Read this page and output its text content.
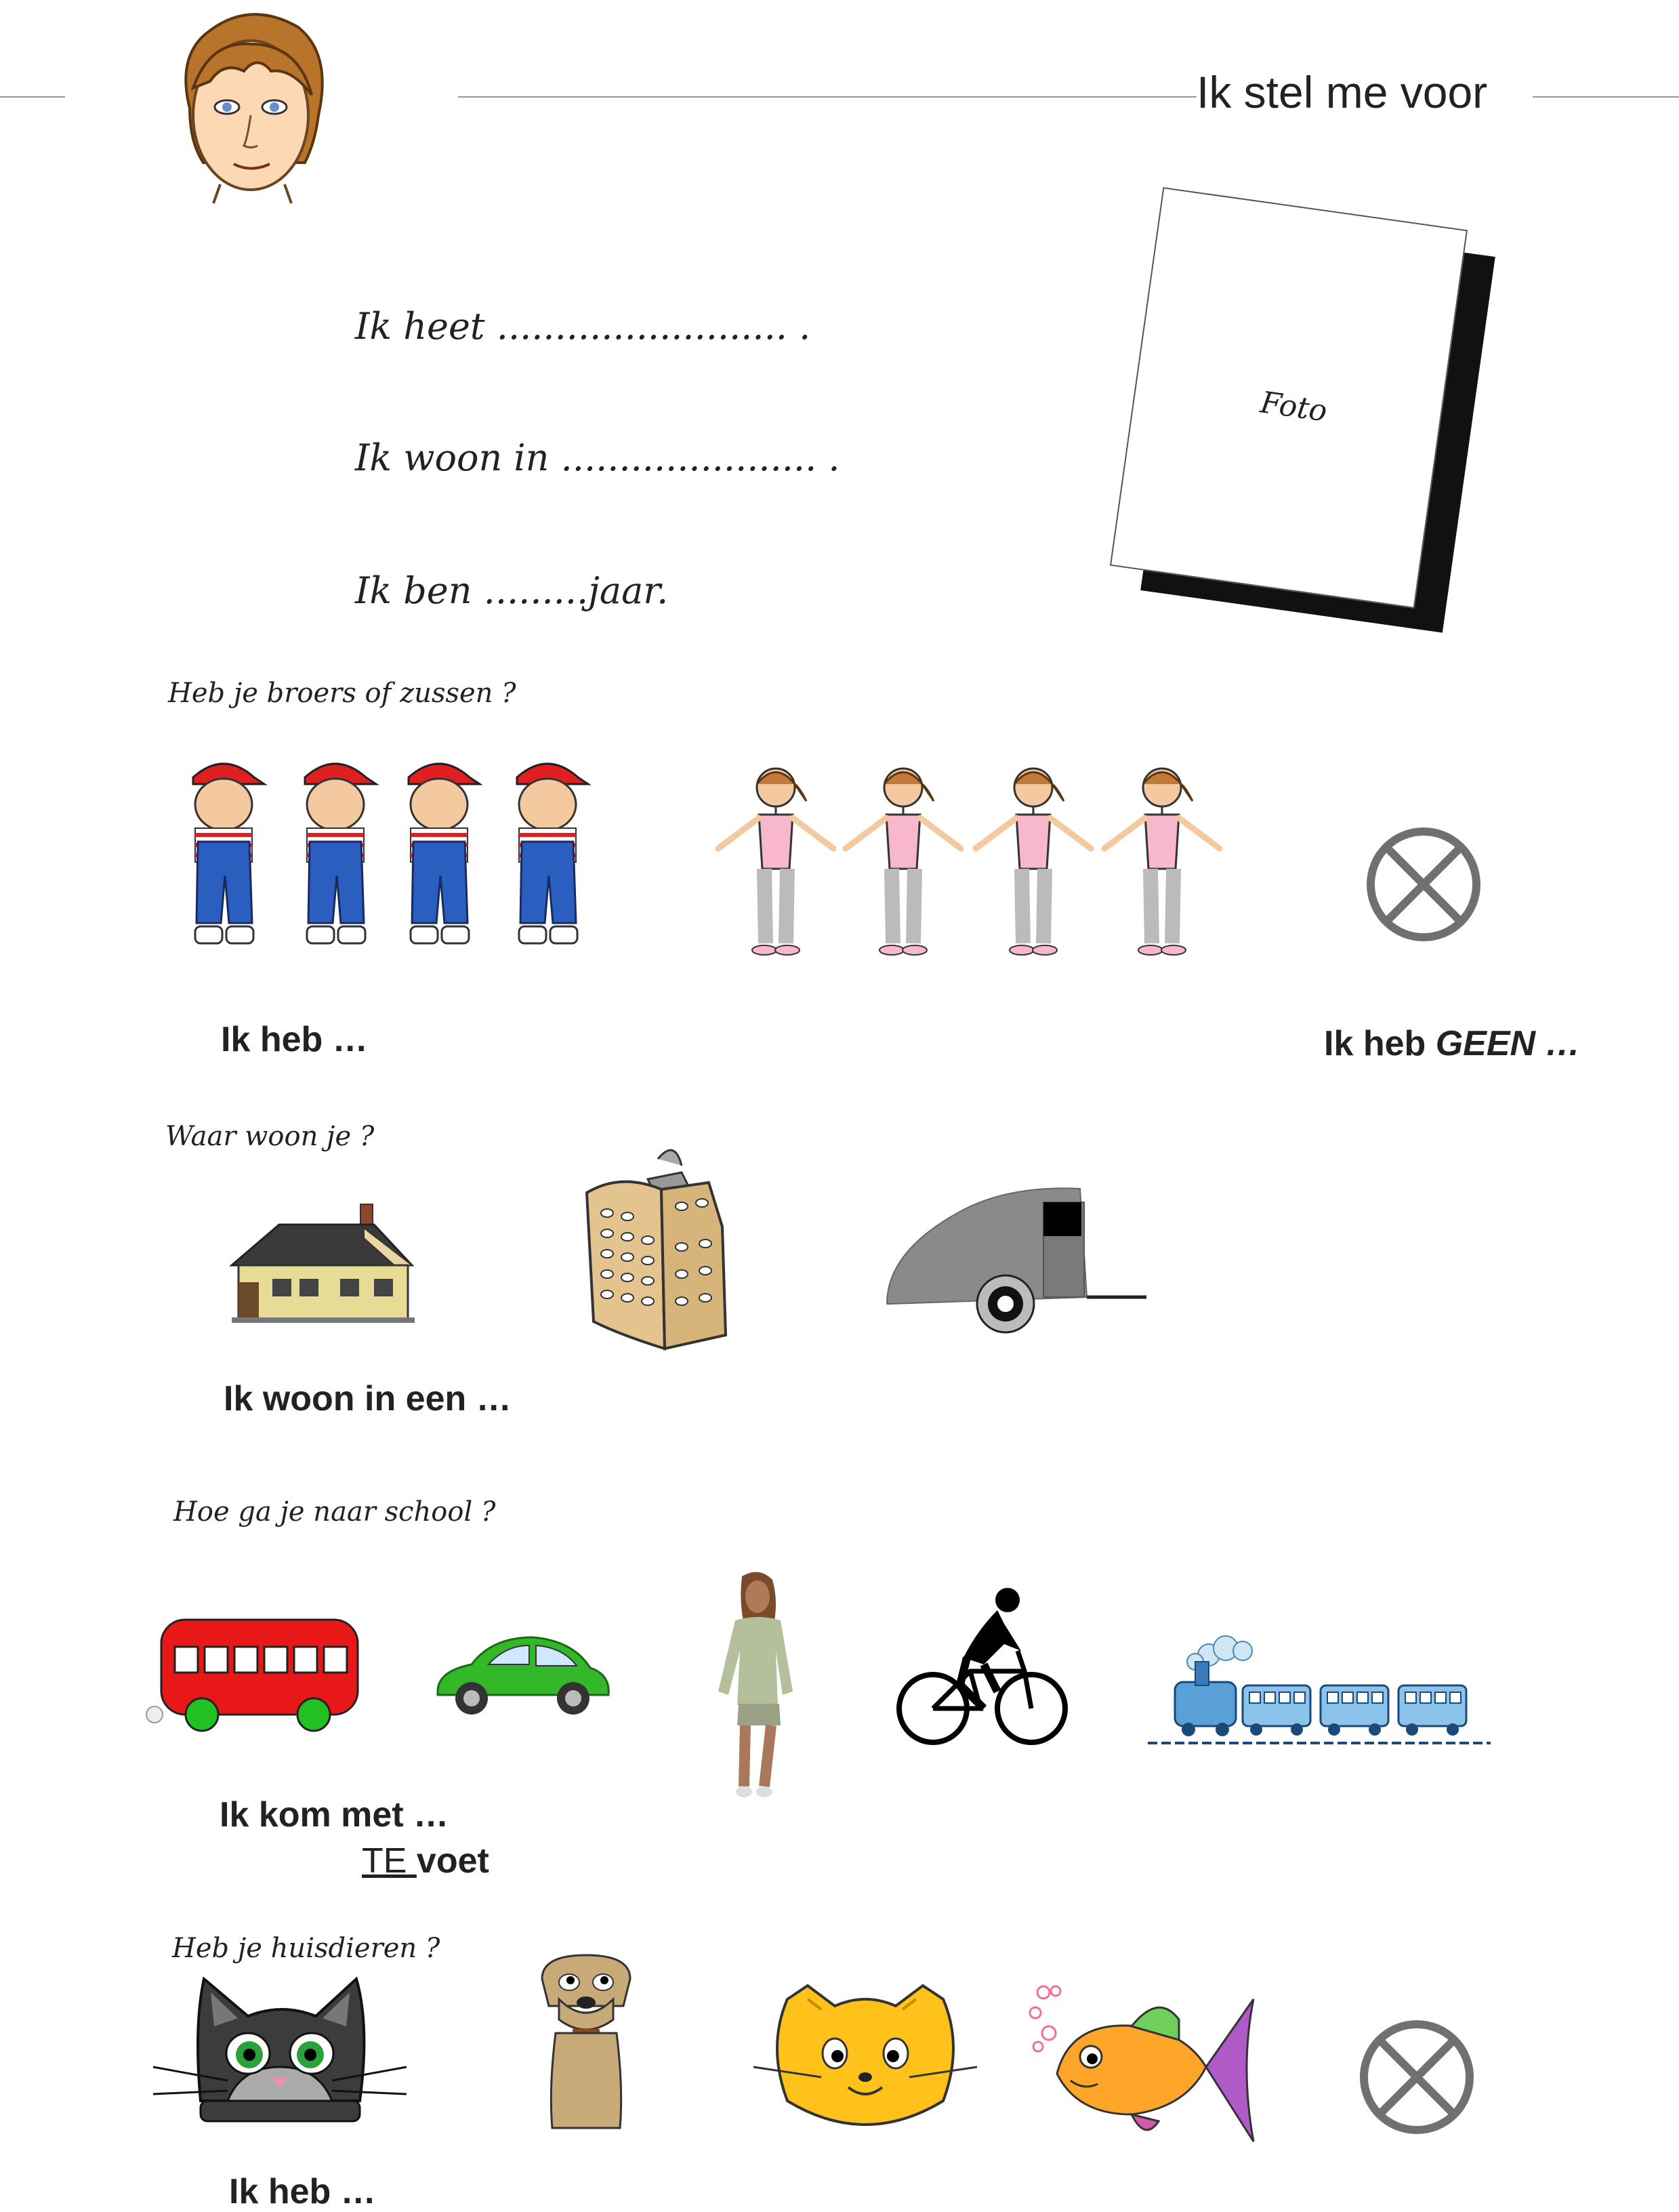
Ik stel me voor
Ik heet ......................... .
Ik woon in ...................... .
Ik ben .........jaar.
Foto
Heb je broers of zussen ?
Ik heb …	Ik heb GEEN …
Waar woon je ?
Ik woon in een …
Hoe ga je naar school ?
Ik kom met …
TE voet
Heb je huisdieren ?
Ik heb …
